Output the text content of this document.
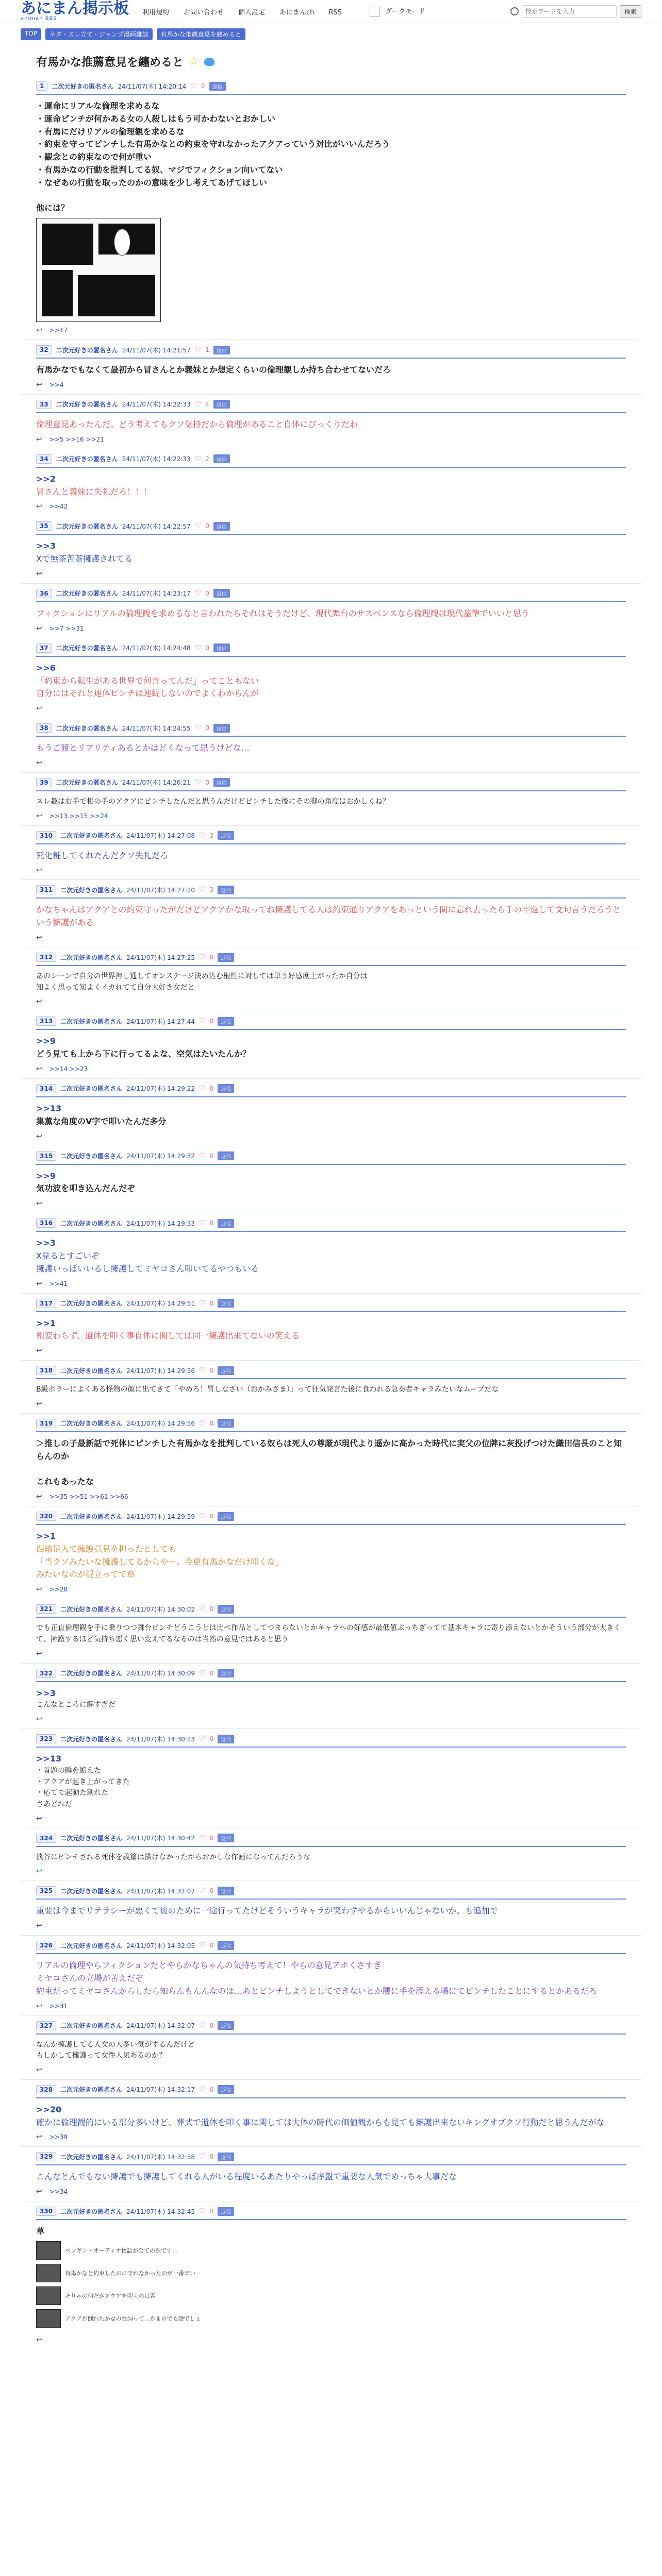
あにまん掲示板
animan BBS
利用規約 お問い合わせ 個人設定 あにまんch RSS	ダークモード
検索ワードを入力	検索
TOP	ネタ・スレ立て・ジャンプ漫画雑談	有馬かな推薦意見を纏めると
有馬かな推薦意見を纏めると ☆
1	二次元好きの匿名さん 24/11/07(木) 14:20:14 ♡ 0	返信
・運命にリアルな倫理を求めるな
・運命ピンチが何かある女の人殺しはもう可かわないとおかしい
・有馬にだけリアルの倫理観を求めるな
・約束を守ってピンチした有馬かなとの約束を守れなかったアクアっていう対比がいいんだろう
・観念との約束なので何が重い
・有馬かなの行動を批判してる奴、マジでフィクション向いてない
・なぜあの行動を取ったのかの意味を少し考えてあげてほしい

他には？
↩ >>17
32	二次元好きの匿名さん 24/11/07(木) 14:21:57 ♡ 1	返信
有馬かなでもなくて最初から冒さんとか義妹とか想定くらいの倫理観しか持ち合わせてないだろ
↩ >>4
33	二次元好きの匿名さん 24/11/07(木) 14:22:33 ♡ 4	返信
倫理意見あったんだ。どう考えてもクソ気持だから倫理があること自体にびっくりだわ
↩ >>5 >>16 >>21
34	二次元好きの匿名さん 24/11/07(木) 14:22:33 ♡ 2	返信
>>2
冒さんと義妹に失礼だろ！！！
↩ >>42
35	二次元好きの匿名さん 24/11/07(木) 14:22:57 ♡ 0	返信
>>3
Xで無茶苦茶擁護されてる
↩
36	二次元好きの匿名さん 24/11/07(木) 14:23:17 ♡ 0	返信
フィクションにリアルの倫理観を求めるなと言われたらそれはそうだけど、現代舞台のサスペンスなら倫理観は現代基準でいいと思う
↩ >>7 >>31
37	二次元好きの匿名さん 24/11/07(木) 14:24:48 ♡ 0	返信
>>6
「約束から転生がある世界で何言ってんだ」ってこともない
自分にはそれと連体ピンチは連続しないのでよくわからんが
↩
38	二次元好きの匿名さん 24/11/07(木) 14:24:55 ♡ 0	返信
もうご渡とリアリティあるとかはどくなって思うけどな…
↩
39	二次元好きの匿名さん 24/11/07(木) 14:26:21 ♡ 0	返信
スレ趣は右手で相の手のアクアにピンチしたんだと思うんだけどピンチした後にその脚の角度はおかしくね？
↩ >>13 >>15 >>24
310	二次元好きの匿名さん 24/11/07(木) 14:27:08 ♡ 3	返信
死化粧してくれたんだクソ失礼だろ
↩
311	二次元好きの匿名さん 24/11/07(木) 14:27:20 ♡ 3	返信
かなちゃんはアクアとの約束守ったがだけどアクアかな取ってね擁護してる人は約束通りアクアをあっという間に忘れ去ったら手の平返して文句言うだろうという擁護がある
↩
312	二次元好きの匿名さん 24/11/07(木) 14:27:25 ♡ 0	返信
あのシーンで自分の世界押し通してオンステージ決め込む根性に対しては単う好感度上がったか自分は
知よく思って知よくイカれてて自分大好き女だと
↩
313	二次元好きの匿名さん 24/11/07(木) 14:27:44 ♡ 0	返信
>>9
どう見ても上から下に行ってるよな、空気はたいたんか？
↩ >>14 >>23
314	二次元好きの匿名さん 24/11/07(木) 14:29:22 ♡ 0	返信
>>13
集薫な角度のV字で叩いたんだ多分
↩
315	二次元好きの匿名さん 24/11/07(木) 14:29:32 ♡ 0	返信
>>9
気功波を叩き込んだんだぞ
↩
316	二次元好きの匿名さん 24/11/07(木) 14:29:33 ♡ 0	返信
>>3
X見るとすごいぞ
擁護いっぱいいるし擁護してミヤコさん叩いてるやつもいる
↩ >>41
317	二次元好きの匿名さん 24/11/07(木) 14:29:51 ♡ 0	返信
>>1
相変わらず、遺体を叩く事自体に関しては同一擁護出来てないの笑える
↩
318	二次元好きの匿名さん 24/11/07(木) 14:29:56 ♡ 0	返信
B級ホラーによくある怪物の顔に出てきて「やめろ！冒しなさい（おかみさま）」って狂気発言た後に食われる急奏者キャラみたいなムーブだな
↩
319	二次元好きの匿名さん 24/11/07(木) 14:29:56 ♡ 0	返信
＞推しの子最新話で死体にピンチした有馬かなを批判している奴らは死人の尊厳が現代より遥かに高かった時代に実父の位牌に灰投げつけた織田信長のこと知らんのか

これもあったな
↩ >>35 >>51 >>61 >>66
320	二次元好きの匿名さん 24/11/07(木) 14:29:59 ♡ 0	返信
>>1
四暗足入て擁護意見を担ったとしても
「当クソみたいな擁護してるからや～。今更有馬かなだけ叩くな」
みたいなのが混立ってて草
↩ >>28
321	二次元好きの匿名さん 24/11/07(木) 14:30:02 ♡ 0	返信
でも正直倫理観を手に乗りつつ舞台ピンチどうこうとは比べ作品としてつまらないとかキャラへの好感が最低値ぶっちぎってて基本キャラに寄り添えないとかそういう部分が大きくて、擁護するほど気持ち悪く思い変えてるなるのは当然の意見ではあると思う
↩
322	二次元好きの匿名さん 24/11/07(木) 14:30:09 ♡ 0	返信
>>3
こんなところに解すぎだ
↩
323	二次元好きの匿名さん 24/11/07(木) 14:30:23 ♡ 0	返信
>>13
・首題の瞬を縮えた
・アクアが起き上がってきた
・応てで起動た割れた
さあどれだ
↩
324	二次元好きの匿名さん 24/11/07(木) 14:30:42 ♡ 0	返信
淡谷にピンチされる死体を義篇は描けなかったからおかしな作画になってんだろうな
↩
325	二次元好きの匿名さん 24/11/07(木) 14:31:07 ♡ 0	返信
重要は今までリテラシーが悪くて彼のために一途行ってたけどそういうキャラが突わずやるからいいんじゃないか、も追加で
↩
326	二次元好きの匿名さん 24/11/07(木) 14:32:05 ♡ 0	返信
リアルの倫理やらフィクションだとやらかなちゃんの気持ち考えて！やらの意見アホくさすぎ
ミヤコさんの立場が苦えだぞ
約束だってミヤコさんからしたら知らんもんんなのは…あとピンチしようとしてできないとか腰に手を添える場にてピンチしたことにするとかあるだろ
↩ >>31
327	二次元好きの匿名さん 24/11/07(木) 14:32:07 ♡ 0	返信
なんか擁護してる人女の人多い気がするんだけど
もしかして擁護って女性人気あるのか？
↩
328	二次元好きの匿名さん 24/11/07(木) 14:32:17 ♡ 0	返信
>>20
確かに倫理観的にいる部分多いけど、葬式で遺体を叩く事に関しては大体の時代の価値観からも見ても擁護出来ないキングオブクソ行動だと思うんだがな
↩ >>39
329	二次元好きの匿名さん 24/11/07(木) 14:32:38 ♡ 0	返信
こんなとんでもない擁護でも擁護してくれる人がいる程度いるあたりやっぱ序盤で重要な人気でめっちゃ大事だな
↩ >>34
330	二次元好きの匿名さん 24/11/07(木) 14:32:45 ♡ 0	返信
草
ペンギン・オーディオ物語が全ての源です…
有馬かなと約束したのに守れなかったのが一番辛い
そりゃの何だかアクアを叩くのは否
アクアが倒れたかなの台詞って…かまのでも話でしょ
↩
